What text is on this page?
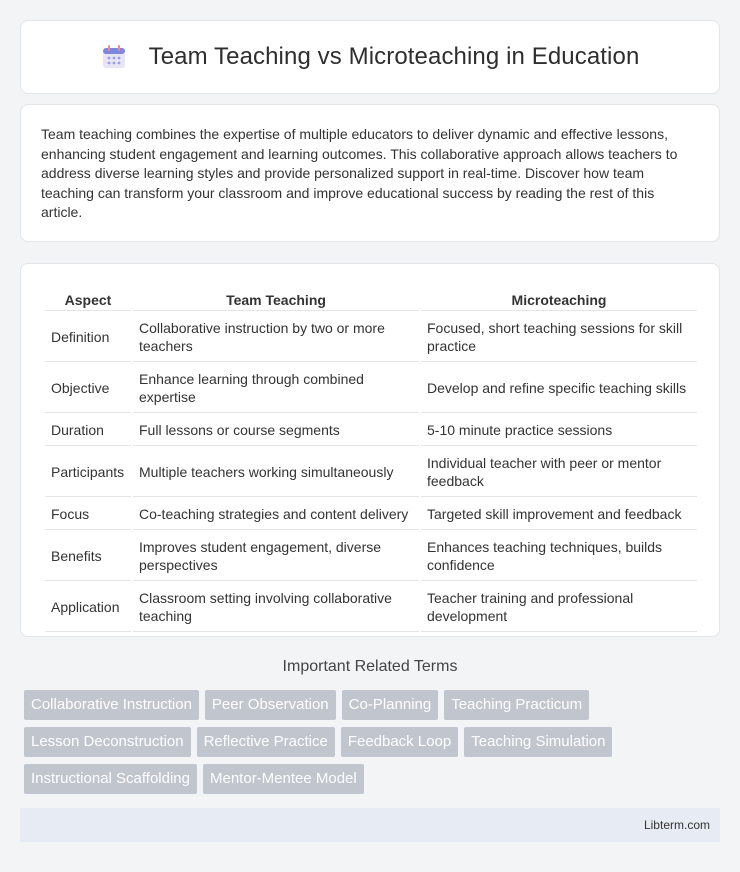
Team Teaching vs Microteaching in Education

Team teaching combines the expertise of multiple educators to deliver dynamic and effective lessons, enhancing student engagement and learning outcomes. This collaborative approach allows teachers to address diverse learning styles and provide personalized support in real-time. Discover how team teaching can transform your classroom and improve educational success by reading the rest of this article.

Aspect	Team Teaching	Microteaching
Definition	Collaborative instruction by two or more teachers	Focused, short teaching sessions for skill practice
Objective	Enhance learning through combined expertise	Develop and refine specific teaching skills
Duration	Full lessons or course segments	5-10 minute practice sessions
Participants	Multiple teachers working simultaneously	Individual teacher with peer or mentor feedback
Focus	Co-teaching strategies and content delivery	Targeted skill improvement and feedback
Benefits	Improves student engagement, diverse perspectives	Enhances teaching techniques, builds confidence
Application	Classroom setting involving collaborative teaching	Teacher training and professional development
Important Related Terms
Collaborative Instruction	Peer Observation	Co-Planning	Teaching Practicum
Lesson Deconstruction	Reflective Practice	Feedback Loop	Teaching Simulation
Instructional Scaffolding	Mentor-Mentee Model
Libterm.com
